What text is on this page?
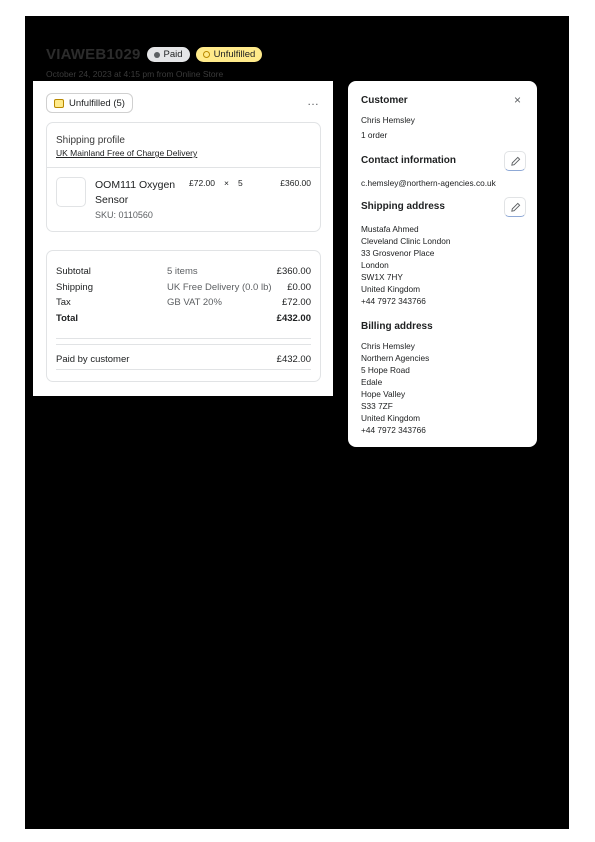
VIAWEB1029 Paid	Unfulfilled
October 24, 2023 at 4:15 pm from Online Store
Unfulfilled (5)	…
Shipping profile
UK Mainland Free of Charge Delivery
OOM111 Oxygen Sensor
SKU: 0110560
£72.00 × 5	£360.00
Subtotal	5 items	£360.00
Shipping	UK Free Delivery (0.0 lb) £0.00
Tax	GB VAT 20%	£72.00
Total	£432.00
Paid by customer	£432.00
Customer	×
Chris Hemsley
1 order
Contact information
c.hemsley@northern-agencies.co.uk
Shipping address
Mustafa Ahmed
Cleveland Clinic London
33 Grosvenor Place
London
SW1X 7HY
United Kingdom
+44 7972 343766
Billing address
Chris Hemsley
Northern Agencies
5 Hope Road
Edale
Hope Valley
S33 7ZF
United Kingdom
+44 7972 343766
